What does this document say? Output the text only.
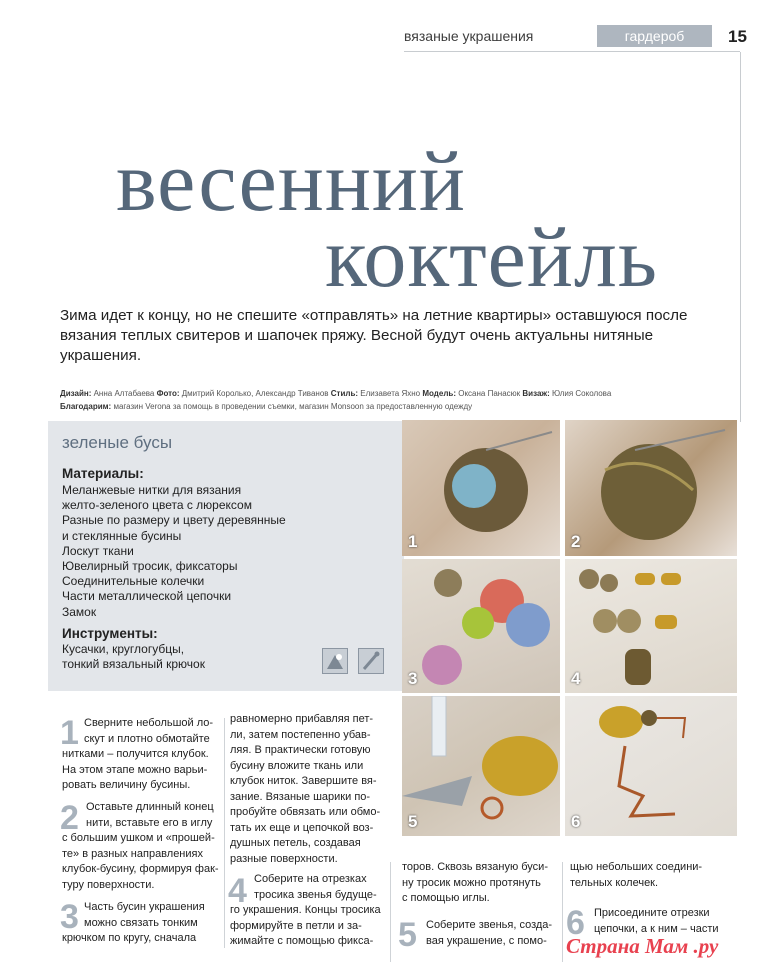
вязаные украшения	гардероб	15
весенний
коктейль
Зима идет к концу, но не спешите «отправлять» на летние квартиры» оставшуюся после вязания теплых свитеров и шапочек пряжу. Весной будут очень актуальны нитяные украшения.
Дизайн: Анна Алтабаева Фото: Дмитрий Королько, Александр Тиванов Стиль: Елизавета Яхно Модель: Оксана Панасюк Визаж: Юлия Соколова
Благодарим: магазин Verona за помощь в проведении съемки, магазин Monsoon за предоставленную одежду
зеленые бусы
Материалы:
Меланжевые нитки для вязания
желто-зеленого цвета с люрексом
Разные по размеру и цвету деревянные
и стеклянные бусины
Лоскут ткани
Ювелирный тросик, фиксаторы
Соединительные колечки
Части металлической цепочки
Замок
Инструменты:
Кусачки, круглогубцы,
тонкий вязальный крючок
1	2
3	4
5	6
1 Сверните небольшой ло-
скут и плотно обмотайте
нитками – получится клубок.
На этом этапе можно варьи-
ровать величину бусины.
2 Оставьте длинный конец
нити, вставьте его в иглу
с большим ушком и «прошей-
те» в разных направлениях
клубок-бусину, формируя фак-
туру поверхности.
3 Часть бусин украшения
можно связать тонким
крючком по кругу, сначала
равномерно прибавляя пет-
ли, затем постепенно убав-
ляя. В практически готовую
бусину вложите ткань или
клубок ниток. Завершите вя-
зание. Вязаные шарики по-
пробуйте обвязать или обмо-
тать их еще и цепочкой воз-
душных петель, создавая
разные поверхности.
4 Соберите на отрезках
тросика звенья будуще-
го украшения. Концы тросика
формируйте в петли и за-
жимайте с помощью фикса-
торов. Сквозь вязаную буси-
ну тросик можно протянуть
с помощью иглы.
5 Соберите звенья, созда-
вая украшение, с помо-
щью небольших соедини-
тельных колечек.
6 Присоедините отрезки
цепочки, а к ним – части
Страна Мам .ру
